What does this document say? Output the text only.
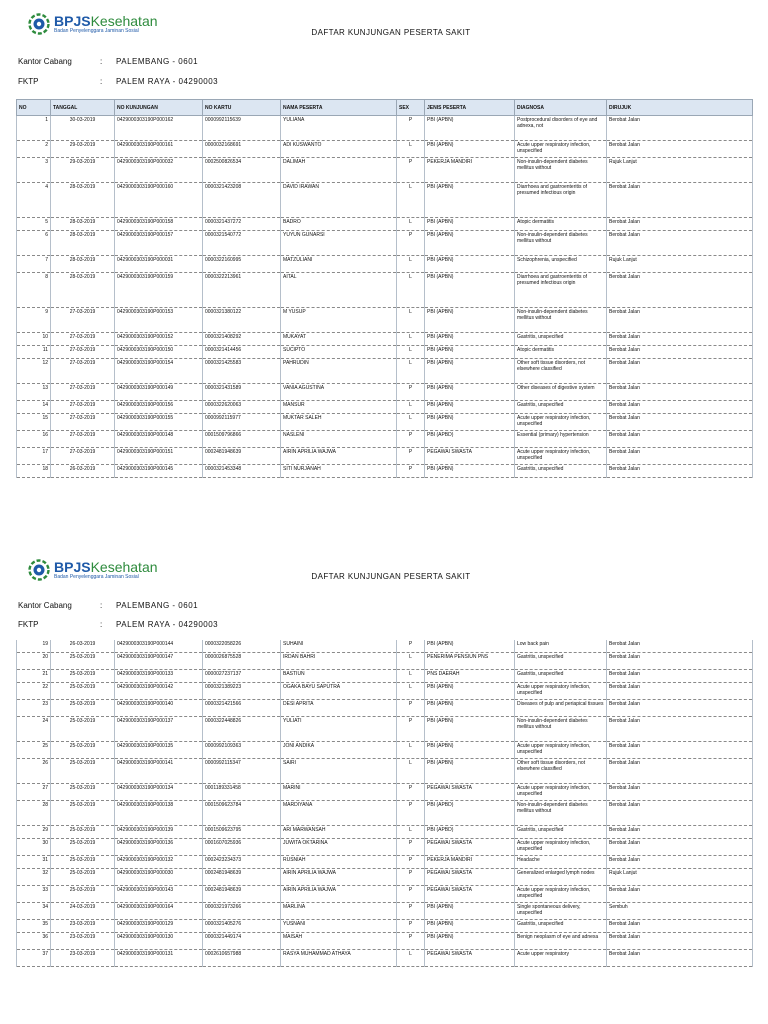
BPJSKesehatan
Badan Penyelenggara Jaminan Sosial	DAFTAR KUNJUNGAN PESERTA SAKIT
Kantor Cabang	:	PALEMBANG - 0601
FKTP	:	PALEM RAYA - 04290003
NO	TANGGAL	NO KUNJUNGAN	NO KARTU	NAMA PESERTA	SEX	JENIS PESERTA	DIAGNOSA	DIRUJUK
1	30-03-2019	0429000303190P000162	0000992115639	YULIANA	P	PBI (APBN)	Postprocedural disorders of eye and adnexa, not	Berobat Jalan
2	29-03-2019	0429000303190P000161	0000032168691	ADI KUSWANTO	L	PBI (APBN)	Acute upper respiratory infection, unspecified	Berobat Jalan
3	29-03-2019	0429000303190P000032	0002500826534	DALIMAH	P	PEKERJA MANDIRI	Non-insulin-dependent diabetes mellitus without	Rujuk Lanjut
4	28-03-2019	0429000303190P000160	0000321423208	DAVID IRAWAN	L	PBI (APBN)	Diarrhoea and gastroenteritis of presumed infectious origin	Berobat Jalan
5	28-03-2019	0429000303190P000158	0000321437272	BADRO	L	PBI (APBN)	Atopic dermatitis	Berobat Jalan
6	28-03-2019	0429000303190P000157	0000321540772	YUYUN GUNARSI	P	PBI (APBN)	Non-insulin-dependent diabetes mellitus without	Berobat Jalan
7	28-03-2019	0429000303190P000031	0000322160995	MATZULIANI	L	PBI (APBN)	Schizophrenia, unspecified	Rujuk Lanjut
8	28-03-2019	0429000303190P000159	0000322213961	AITAL	L	PBI (APBN)	Diarrhoea and gastroenteritis of presumed infectious origin	Berobat Jalan
9	27-03-2019	0429000303190P000153	0000321380122	M YUSUP	L	PBI (APBN)	Non-insulin-dependent diabetes mellitus without	Berobat Jalan
10	27-03-2019	0429000303190P000152	0000321408292	MUKAYAT	L	PBI (APBN)	Gastritis, unspecified	Berobat Jalan
11	27-03-2019	0429000303190P000150	0000321414456	SUCIPTO	L	PBI (APBN)	Atopic dermatitis	Berobat Jalan
12	27-03-2019	0429000303190P000154	0000321425583	PAHRUDIN	L	PBI (APBN)	Other soft tissue disorders, not elsewhere classified	Berobat Jalan
13	27-03-2019	0429000303190P000149	0000321431589	VANIA AGUSTINA	P	PBI (APBN)	Other diseases of digestive system	Berobat Jalan
14	27-03-2019	0429000303190P000156	0000322620063	MANSUR	L	PBI (APBN)	Gastritis, unspecified	Berobat Jalan
15	27-03-2019	0429000303190P000155	0000992115977	MUKTAR SALEH	L	PBI (APBN)	Acute upper respiratory infection, unspecified	Berobat Jalan
16	27-03-2019	0429000303190P000148	0001509796866	NASLENI	P	PBI (APBD)	Essential (primary) hypertension	Berobat Jalan
17	27-03-2019	0429000303190P000151	0002481948639	AIRIN APRILIA WAJWA	P	PEGAWAI SWASTA	Acute upper respiratory infection, unspecified	Berobat Jalan
18	26-03-2019	0429000303190P000145	0000321453348	SITI NURJANAH	P	PBI (APBN)	Gastritis, unspecified	Berobat Jalan
BPJSKesehatan
Badan Penyelenggara Jaminan Sosial	DAFTAR KUNJUNGAN PESERTA SAKIT
Kantor Cabang	:	PALEMBANG - 0601
FKTP	:	PALEM RAYA - 04290003
19	26-03-2019	0429000303190P000144	0000322058226	SUHAINI	P	PBI (APBN)	Low back pain	Berobat Jalan
20	25-03-2019	0429000303190P000147	0000026875528	IRDAN BAHRI	L	PENERIMA PENSIUN PNS	Gastritis, unspecified	Berobat Jalan
21	25-03-2019	0429000303190P000133	0000027237137	BASTIUN	L	PNS DAERAH	Gastritis, unspecified	Berobat Jalan
22	25-03-2019	0429000303190P000142	0000321389223	OGAKA BAYU SAPUTRA	L	PBI (APBN)	Acute upper respiratory infection, unspecified	Berobat Jalan
23	25-03-2019	0429000303190P000140	0000321421566	DESI APRITA	P	PBI (APBN)	Diseases of pulp and periapical tissues	Berobat Jalan
24	25-03-2019	0429000303190P000137	0000322448826	YULIATI	P	PBI (APBN)	Non-insulin-dependent diabetes mellitus without	Berobat Jalan
25	25-03-2019	0429000303190P000135	0000992109363	JONI ANDIKA	L	PBI (APBN)	Acute upper respiratory infection, unspecified	Berobat Jalan
26	25-03-2019	0429000303190P000141	0000992115347	SAIRI	L	PBI (APBN)	Other soft tissue disorders, not elsewhere classified	Berobat Jalan
27	25-03-2019	0429000303190P000134	0001189331458	MARINI	P	PEGAWAI SWASTA	Acute upper respiratory infection, unspecified	Berobat Jalan
28	25-03-2019	0429000303190P000138	0001509623784	MARDIYANA	P	PBI (APBD)	Non-insulin-dependent diabetes mellitus without	Berobat Jalan
29	25-03-2019	0429000303190P000139	0001509623795	ARI MARWANSAH	L	PBI (APBD)	Gastritis, unspecified	Berobat Jalan
30	25-03-2019	0429000303190P000136	0001607025936	JUWITA OKTARINA	P	PEGAWAI SWASTA	Acute upper respiratory infection, unspecified	Berobat Jalan
31	25-03-2019	0429000303190P000132	0002423234373	RUSNIAH	P	PEKERJA MANDIRI	Headache	Berobat Jalan
32	25-03-2019	0429000303190P000030	0002481948639	AIRIN APRILIA WAJWA	P	PEGAWAI SWASTA	Generalized enlarged lymph nodes	Rujuk Lanjut
33	25-03-2019	0429000303190P000143	0002481948639	AIRIN APRILIA WAJWA	P	PEGAWAI SWASTA	Acute upper respiratory infection, unspecified	Berobat Jalan
34	24-03-2019	0429000303190P000164	0000321973266	MARLINA	P	PBI (APBN)	Single spontaneous delivery, unspecified	Sembuh
35	23-03-2019	0429000303190P000129	0000321405276	YUSNANI	P	PBI (APBN)	Gastritis, unspecified	Berobat Jalan
36	23-03-2019	0429000303190P000130	0000321449174	MAISAH	P	PBI (APBN)	Benign neoplasm of eye and adnexa	Berobat Jalan
37	23-03-2019	0429000303190P000131	0002610657988	RASYA MUHAMMAD ATHAYA	L	PEGAWAI SWASTA	Acute upper respiratory	Berobat Jalan
